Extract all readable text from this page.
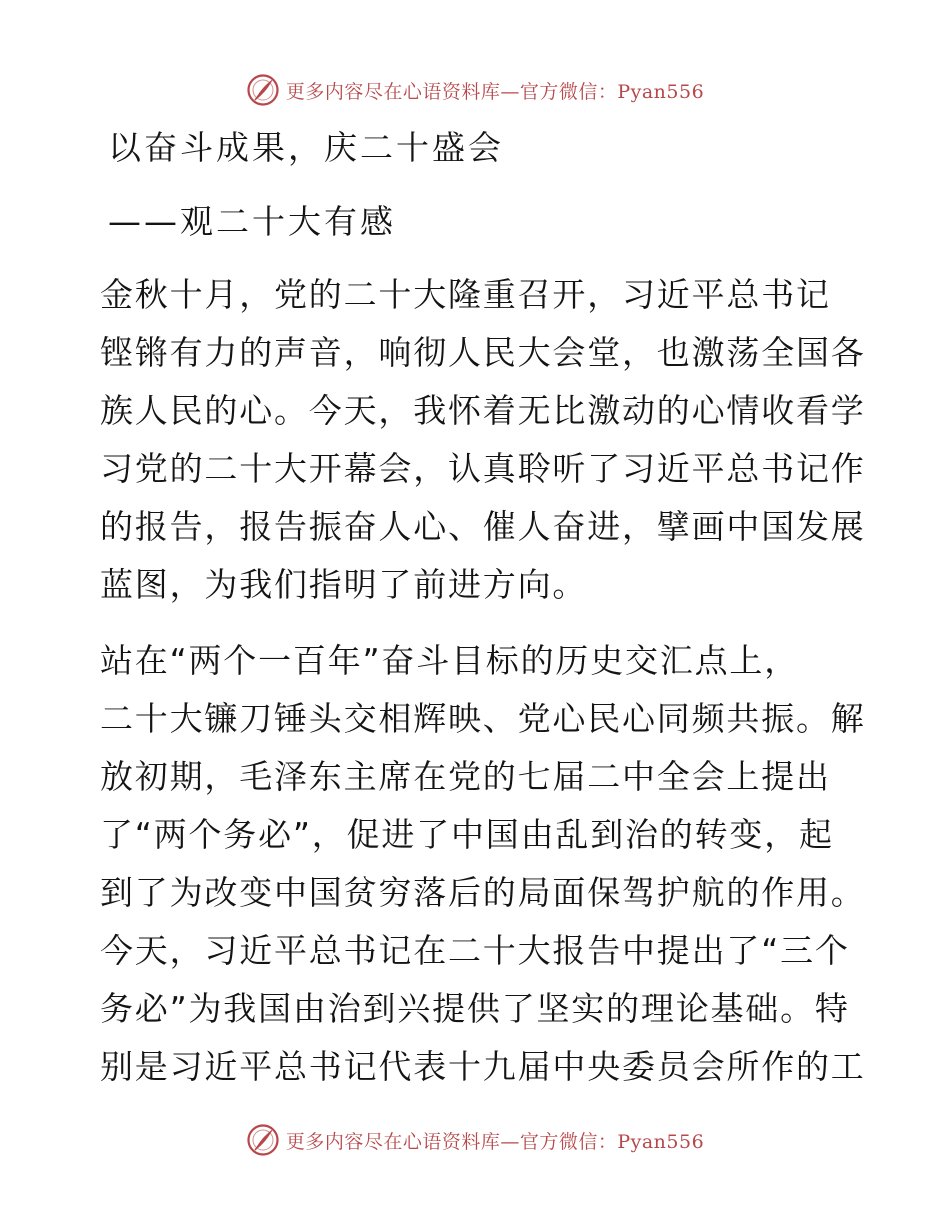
更多内容尽在心语资料库—官方微信：Pyan556
以奋斗成果，庆二十盛会
——观二十大有感
金秋十月，党的二十大隆重召开，习近平总书记
铿锵有力的声音，响彻人民大会堂，也激荡全国各
族人民的心。今天，我怀着无比激动的心情收看学
习党的二十大开幕会，认真聆听了习近平总书记作
的报告，报告振奋人心、催人奋进，擘画中国发展
蓝图，为我们指明了前进方向。
站在“两个一百年”奋斗目标的历史交汇点上，
二十大镰刀锤头交相辉映、党心民心同频共振。解
放初期，毛泽东主席在党的七届二中全会上提出
了“两个务必”，促进了中国由乱到治的转变，起
到了为改变中国贫穷落后的局面保驾护航的作用。
今天，习近平总书记在二十大报告中提出了“三个
务必”为我国由治到兴提供了坚实的理论基础。特
别是习近平总书记代表十九届中央委员会所作的工
更多内容尽在心语资料库—官方微信：Pyan556
